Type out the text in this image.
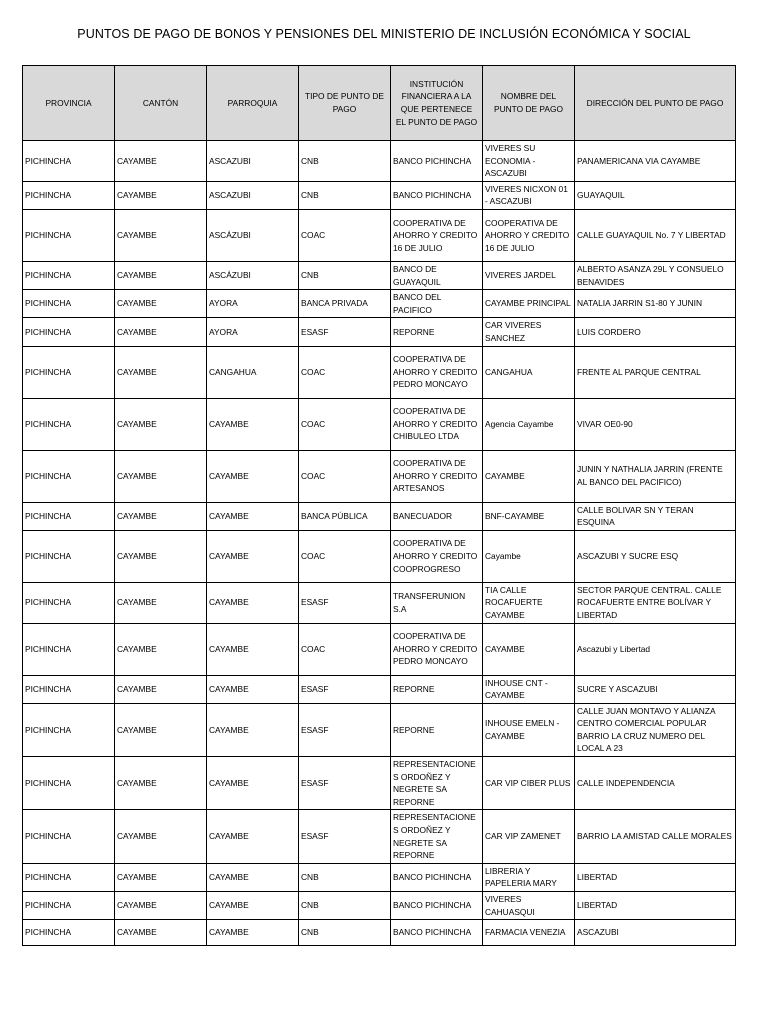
PUNTOS DE PAGO DE BONOS Y PENSIONES DEL MINISTERIO DE INCLUSIÓN ECONÓMICA Y SOCIAL
PROVINCIA	CANTÓN	PARROQUIA	TIPO DE PUNTO DE PAGO	INSTITUCIÓN FINANCIERA A LA QUE PERTENECE EL PUNTO DE PAGO	NOMBRE DEL PUNTO DE PAGO	DIRECCIÓN DEL PUNTO DE PAGO
PICHINCHA	CAYAMBE	ASCAZUBI	CNB	BANCO PICHINCHA	VIVERES SU ECONOMIA - ASCAZUBI	PANAMERICANA VIA CAYAMBE
PICHINCHA	CAYAMBE	ASCAZUBI	CNB	BANCO PICHINCHA	VIVERES NICXON 01 - ASCAZUBI	GUAYAQUIL
PICHINCHA	CAYAMBE	ASCÁZUBI	COAC	COOPERATIVA DE AHORRO Y CREDITO 16 DE JULIO	COOPERATIVA DE AHORRO Y CREDITO 16 DE JULIO	CALLE GUAYAQUIL No. 7 Y LIBERTAD
PICHINCHA	CAYAMBE	ASCÁZUBI	CNB	BANCO DE GUAYAQUIL	VIVERES JARDEL	ALBERTO ASANZA 29L Y CONSUELO BENAVIDES
PICHINCHA	CAYAMBE	AYORA	BANCA PRIVADA	BANCO DEL PACIFICO	CAYAMBE PRINCIPAL	NATALIA JARRIN S1-80 Y JUNIN
PICHINCHA	CAYAMBE	AYORA	ESASF	REPORNE	CAR VIVERES SANCHEZ	LUIS CORDERO
PICHINCHA	CAYAMBE	CANGAHUA	COAC	COOPERATIVA DE AHORRO Y CREDITO PEDRO MONCAYO	CANGAHUA	FRENTE AL PARQUE CENTRAL
PICHINCHA	CAYAMBE	CAYAMBE	COAC	COOPERATIVA DE AHORRO Y CREDITO CHIBULEO LTDA	Agencia Cayambe	VIVAR OE0-90
PICHINCHA	CAYAMBE	CAYAMBE	COAC	COOPERATIVA DE AHORRO Y CREDITO ARTESANOS	CAYAMBE	JUNIN Y NATHALIA JARRIN (FRENTE AL BANCO DEL PACIFICO)
PICHINCHA	CAYAMBE	CAYAMBE	BANCA PÚBLICA	BANECUADOR	BNF-CAYAMBE	CALLE BOLIVAR SN Y TERAN ESQUINA
PICHINCHA	CAYAMBE	CAYAMBE	COAC	COOPERATIVA DE AHORRO Y CREDITO COOPROGRESO	Cayambe	ASCAZUBI Y SUCRE ESQ
PICHINCHA	CAYAMBE	CAYAMBE	ESASF	TRANSFERUNION S.A	TIA CALLE ROCAFUERTE CAYAMBE	SECTOR PARQUE CENTRAL. CALLE ROCAFUERTE ENTRE BOLÍVAR Y LIBERTAD
PICHINCHA	CAYAMBE	CAYAMBE	COAC	COOPERATIVA DE AHORRO Y CREDITO PEDRO MONCAYO	CAYAMBE	Ascazubi y Libertad
PICHINCHA	CAYAMBE	CAYAMBE	ESASF	REPORNE	INHOUSE CNT - CAYAMBE	SUCRE Y ASCAZUBI
PICHINCHA	CAYAMBE	CAYAMBE	ESASF	REPORNE	INHOUSE EMELN - CAYAMBE	CALLE JUAN MONTAVO Y ALIANZA CENTRO COMERCIAL POPULAR BARRIO LA CRUZ NUMERO DEL LOCAL A 23
PICHINCHA	CAYAMBE	CAYAMBE	ESASF	REPRESENTACIONES ORDOÑEZ Y NEGRETE SA REPORNE	CAR VIP CIBER PLUS	CALLE INDEPENDENCIA
PICHINCHA	CAYAMBE	CAYAMBE	ESASF	REPRESENTACIONES ORDOÑEZ Y NEGRETE SA REPORNE	CAR VIP ZAMENET	BARRIO LA AMISTAD CALLE MORALES
PICHINCHA	CAYAMBE	CAYAMBE	CNB	BANCO PICHINCHA	LIBRERIA Y PAPELERIA MARY	LIBERTAD
PICHINCHA	CAYAMBE	CAYAMBE	CNB	BANCO PICHINCHA	VIVERES CAHUASQUI	LIBERTAD
PICHINCHA	CAYAMBE	CAYAMBE	CNB	BANCO PICHINCHA	FARMACIA VENEZIA	ASCAZUBI
